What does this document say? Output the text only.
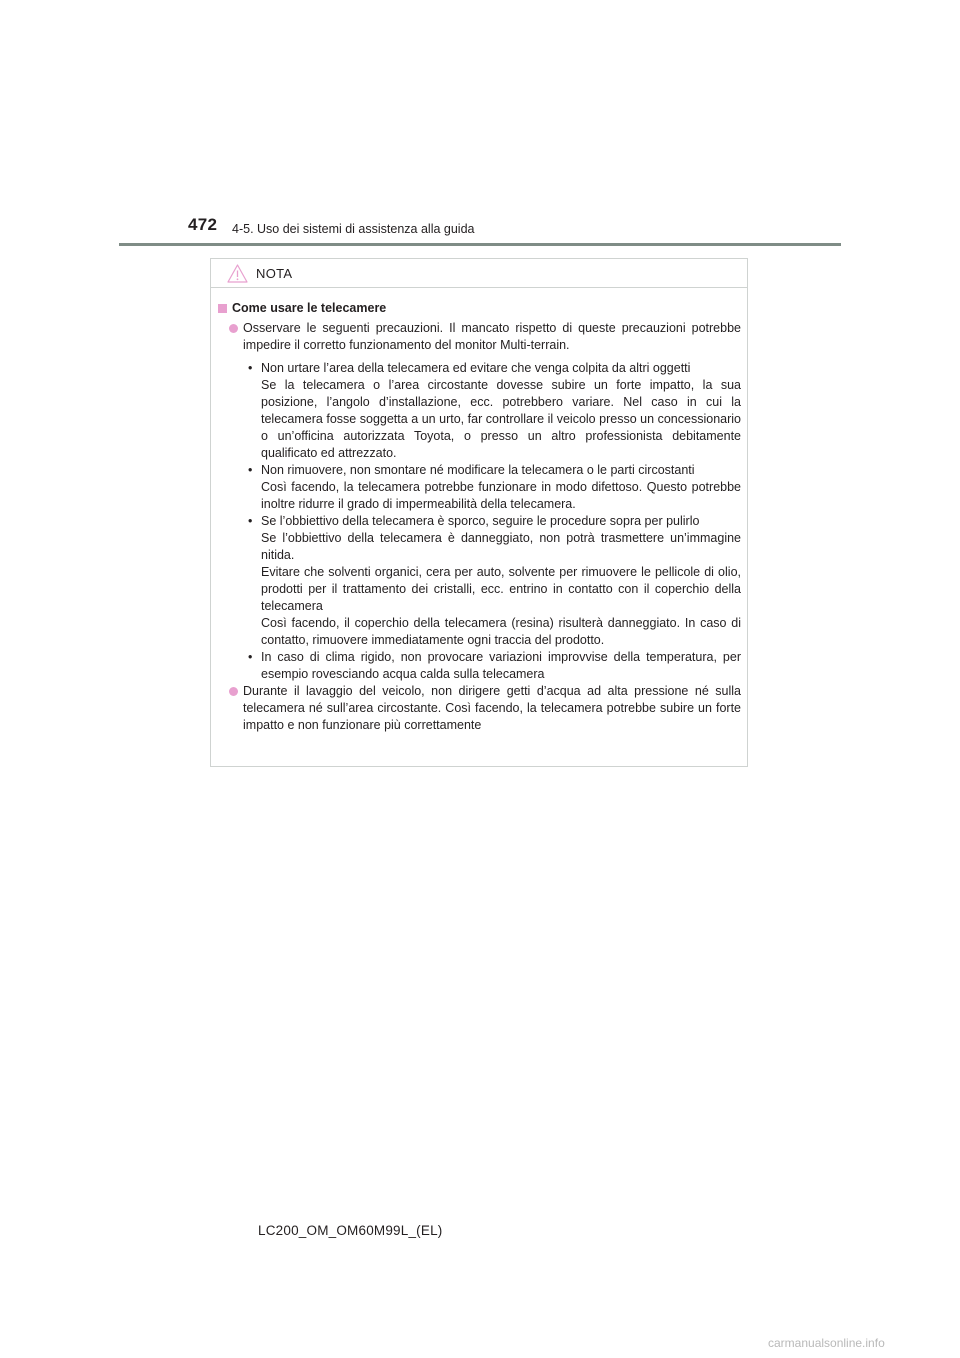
472 4-5. Uso dei sistemi di assistenza alla guida
NOTA
Come usare le telecamere

Osservare le seguenti precauzioni. Il mancato rispetto di queste precauzioni potrebbe impedire il corretto funzionamento del monitor Multi-terrain.

• Non urtare l’area della telecamera ed evitare che venga colpita da altri oggetti

Se la telecamera o l’area circostante dovesse subire un forte impatto, la sua posizione, l’angolo d’installazione, ecc. potrebbero variare. Nel caso in cui la telecamera fosse soggetta a un urto, far controllare il veicolo presso un concessionario o un’officina autorizzata Toyota, o presso un altro professionista debitamente qualificato ed attrezzato.

• Non rimuovere, non smontare né modificare la telecamera o le parti circostanti

Così facendo, la telecamera potrebbe funzionare in modo difettoso. Questo potrebbe inoltre ridurre il grado di impermeabilità della telecamera.

• Se l’obbiettivo della telecamera è sporco, seguire le procedure sopra per pulirlo

Se l’obbiettivo della telecamera è danneggiato, non potrà trasmettere un’immagine nitida.

Evitare che solventi organici, cera per auto, solvente per rimuovere le pellicole di olio, prodotti per il trattamento dei cristalli, ecc. entrino in contatto con il coperchio della telecamera

Così facendo, il coperchio della telecamera (resina) risulterà danneggiato. In caso di contatto, rimuovere immediatamente ogni traccia del prodotto.

• In caso di clima rigido, non provocare variazioni improvvise della temperatura, per esempio rovesciando acqua calda sulla telecamera

Durante il lavaggio del veicolo, non dirigere getti d’acqua ad alta pressione né sulla telecamera né sull’area circostante. Così facendo, la telecamera potrebbe subire un forte impatto e non funzionare più correttamente

LC200_OM_OM60M99L_(EL)
carmanualsonline.info
